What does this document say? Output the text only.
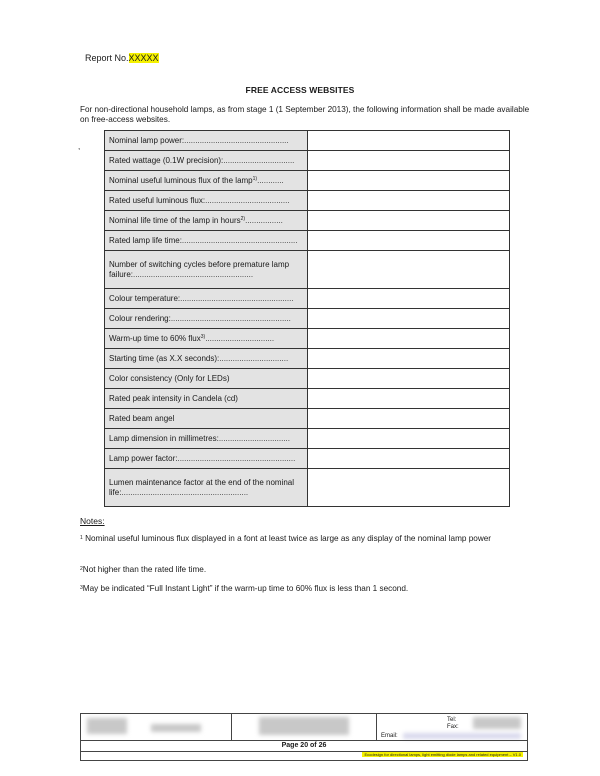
Report No.XXXXX
FREE ACCESS WEBSITES
For non-directional household lamps, as from stage 1 (1 September 2013), the following information shall be made available on free-access websites.
,
Nominal lamp power:...............................................	
Rated wattage (0.1W precision):................................	
Nominal useful luminous flux of the lamp$^{1)}$............	
Rated useful luminous flux:......................................	
Nominal life time of the lamp in hours$^{2)}$.................	
Rated lamp life time:....................................................	
Number of switching cycles before premature lamp failure:......................................................	
Colour temperature:...................................................	
Colour rendering:......................................................	
Warm-up time to 60% flux$^{3)}$...............................	
Starting time (as X.X seconds):...............................	
Color consistency (Only for LEDs)	
Rated peak intensity in Candela (cd)	
Rated beam angel	
Lamp dimension in millimetres:................................	
Lamp power factor:.....................................................	
Lumen maintenance factor at the end of the nominal life:.........................................................	
Notes:
$^1$ Nominal useful luminous flux displayed in a font at least twice as large as any display of the nominal lamp power
$^2$Not higher than the rated life time.
$^3$May be indicated “Full Instant Light” if the warm-up time to 60% flux is less than 1 second.
Tel:
Fax:
Email:
Page 20 of 26
Ecodesign for directional lamps, light emitting diode lamps and related equipment – V1.0
